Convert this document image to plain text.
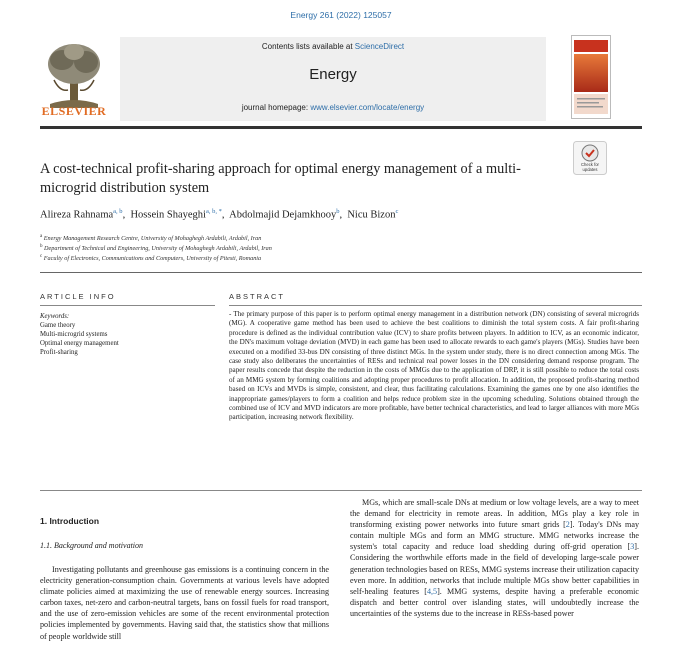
Energy 261 (2022) 125057
ELSEVIER
Contents lists available at ScienceDirect
Energy
journal homepage: www.elsevier.com/locate/energy
A cost-technical profit-sharing approach for optimal energy management of a multi-microgrid distribution system
Check for
updates
Alireza Rahnama$^{a, b}$,  Hossein Shayeghi$^{a, b, *}$,  Abdolmajid Dejamkhooy$^b$,  Nicu Bizon$^c$
$^a$ Energy Management Research Centre, University of Mohaghegh Ardabili, Ardabil, Iran
$^b$ Department of Technical and Engineering, University of Mohaghegh Ardabili, Ardabil, Iran
$^c$ Faculty of Electronics, Communications and Computers, University of Pitesti, Romania
ARTICLE INFO	ABSTRACT
Keywords:
Game theory
Multi-microgrid systems
Optimal energy management
Profit-sharing
- The primary purpose of this paper is to perform optimal energy management in a distribution network (DN) consisting of several microgrids (MG). A cooperative game method has been used to achieve the best coalitions to diminish the total system costs. A fair profit-sharing procedure is defined as the individual contribution value (ICV) to share profits between players. In addition to ICV, as an economic indicator, the DN's maximum voltage deviation (MVD) in each game has been used to allocate rewards to each game's players (MGs). Studies have been executed on a modified 33-bus DN consisting of three distinct MGs. In the system under study, there is no direct connection among MGs. The case study also deliberates the uncertainties of RESs and technical real power losses in the DN considering demand response program. The paper results concede that despite the reduction in the costs of MMGs due to the application of DRP, it is still possible to reduce the total costs of an MMG system by forming coalitions and adopting proper procedures to profit allocation. In addition, the proposed profit-sharing method based on ICVs and MVDs is simple, consistent, and clear, thus facilitating calculations. Examining the games one by one also identifies the inappropriate games/players to form a coalition and helps reduce problem size in the upcoming scheduling. Solutions obtained through the combined use of ICV and MVD indicators are more profitable, have better technical characteristics, and lead to larger alliances with more MGs participation, increasing network flexibility.
1. Introduction
1.1. Background and motivation
Investigating pollutants and greenhouse gas emissions is a continuing concern in the electricity generation-consumption chain. Governments at various levels have adopted climate policies aimed at maximizing the use of renewable energy sources. Increasing carbon taxes, net-zero and carbon-neutral targets, bans on fossil fuels for road transport, and the use of zero-emission vehicles are some of the recent environmental protection policies implemented by governments. Having said that, the statistics show that millions of people worldwide still
MGs, which are small-scale DNs at medium or low voltage levels, are a way to meet the demand for electricity in remote areas. In addition, MGs play a key role in transforming existing power networks into future smart grids [2]. Today's DNs may contain multiple MGs and form an MMG structure. MMG networks increase the system's total capacity and reduce load shedding during off-grid operation [3]. Considering the worthwhile efforts made in the field of developing large-scale power generation technologies based on RESs, MMG systems increase their utilization capacity even more. In addition, networks that include multiple MGs show better capabilities in self-healing features [4,5]. MMG systems, despite having a preferable economic dispatch and better control over islanding states, will undoubtedly increase the uncertainties of the systems due to the increase in RESs-based power
